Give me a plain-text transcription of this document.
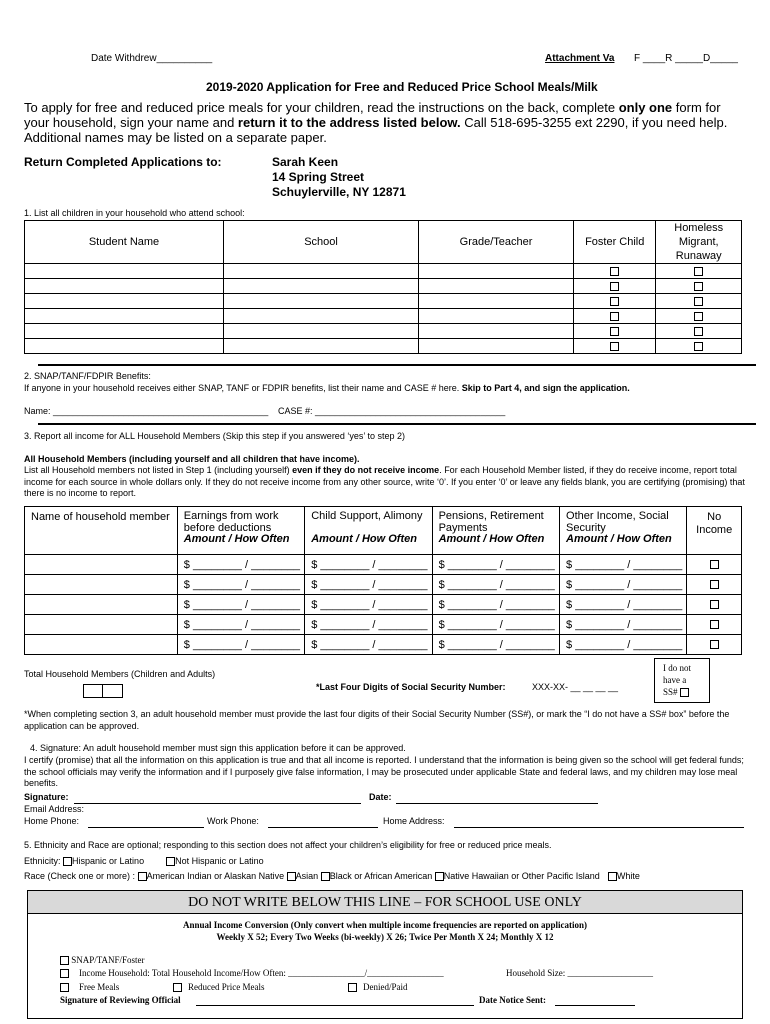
Date Withdrew__________	Attachment Va F ____R _____D_____
2019-2020 Application for Free and Reduced Price School Meals/Milk
To apply for free and reduced price meals for your children, read the instructions on the back, complete only one form for your household, sign your name and return it to the address listed below. Call 518-695-3255 ext 2290, if you need help. Additional names may be listed on a separate paper.
Return Completed Applications to:	Sarah Keen
14 Spring Street
Schuylerville, NY 12871
1. List all children in your household who attend school:
Student Name	School	Grade/Teacher	Foster Child	Homeless
Migrant,
Runaway

2. SNAP/TANF/FDPIR Benefits:
If anyone in your household receives either SNAP, TANF or FDPIR benefits, list their name and CASE # here. Skip to Part 4, and sign the application.
Name: ___________________________________________ CASE #: ______________________________________
3. Report all income for ALL Household Members (Skip this step if you answered ‘yes’ to step 2)
All Household Members (including yourself and all children that have income).
List all Household members not listed in Step 1 (including yourself) even if they do not receive income. For each Household Member listed, if they do receive income, report total income for each source in whole dollars only. If they do not receive income from any other source, write ‘0’. If you enter ‘0’ or leave any fields blank, you are certifying (promising) that there is no income to report.
Name of household member	Earnings from work
before deductions
Amount / How Often	Child Support, Alimony

Amount / How Often	Pensions, Retirement
Payments
Amount / How Often	Other Income, Social
Security
Amount / How Often	No
Income
	$ ________ / ________	$ ________ / ________	$ ________ / ________	$ ________ / ________	
	$ ________ / ________	$ ________ / ________	$ ________ / ________	$ ________ / ________	
	$ ________ / ________	$ ________ / ________	$ ________ / ________	$ ________ / ________	
	$ ________ / ________	$ ________ / ________	$ ________ / ________	$ ________ / ________	
	$ ________ / ________	$ ________ / ________	$ ________ / ________	$ ________ / ________	
Total Household Members (Children and Adults)
*Last Four Digits of Social Security Number:	XXX-XX- __ __ __ __
I do not
have a
SS#
*When completing section 3, an adult household member must provide the last four digits of their Social Security Number (SS#), or mark the “I do not have a SS# box” before the application can be approved.
4. Signature: An adult household member must sign this application before it can be approved.
I certify (promise) that all the information on this application is true and that all income is reported. I understand that the information is being given so the school will get federal funds; the school officials may verify the information and if I purposely give false information, I may be prosecuted under applicable State and federal laws, and my children may lose meal benefits.
Signature:	Date:
Email Address:
Home Phone:	Work Phone:	Home Address:
5. Ethnicity and Race are optional; responding to this section does not affect your children’s eligibility for free or reduced price meals.
Ethnicity: Hispanic or Latino	Not Hispanic or Latino
Race (Check one or more) : American Indian or Alaskan Native Asian Black or African American Native Hawaiian or Other Pacific Island White
DO NOT WRITE BELOW THIS LINE – FOR SCHOOL USE ONLY
Annual Income Conversion (Only convert when multiple income frequencies are reported on application)
Weekly X 52; Every Two Weeks (bi-weekly) X 26; Twice Per Month X 24; Monthly X 12
SNAP/TANF/Foster
Income Household: Total Household Income/How Often: _________________/_________________	Household Size: ___________________
Free Meals	Reduced Price Meals	Denied/Paid
Signature of Reviewing Official	Date Notice Sent:
